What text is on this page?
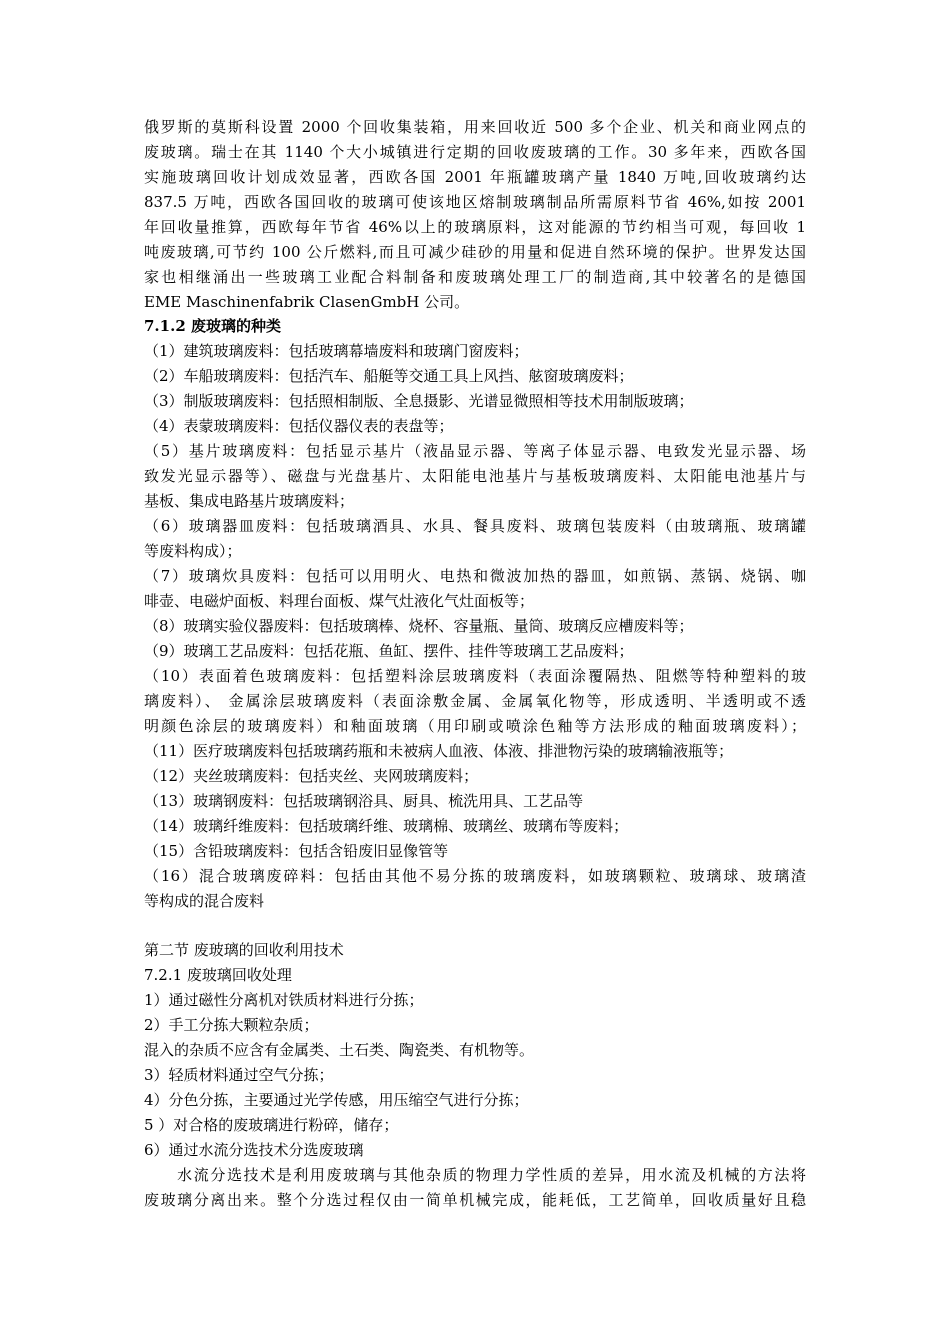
俄罗斯的莫斯科设置 2000 个回收集装箱，用来回收近 500 多个企业、机关和商业网点的
废玻璃。瑞士在其 1140 个大小城镇进行定期的回收废玻璃的工作。30 多年来，西欧各国
实施玻璃回收计划成效显著，西欧各国 2001 年瓶罐玻璃产量 1840 万吨,回收玻璃约达
837.5 万吨，西欧各国回收的玻璃可使该地区熔制玻璃制品所需原料节省 46%,如按 2001
年回收量推算，西欧每年节省 46%以上的玻璃原料，这对能源的节约相当可观，每回收 1
吨废玻璃,可节约 100 公斤燃料,而且可减少硅砂的用量和促进自然环境的保护。世界发达国
家也相继涌出一些玻璃工业配合料制备和废玻璃处理工厂的制造商,其中较著名的是德国
EME Maschinenfabrik ClasenGmbH 公司。
7.1.2 废玻璃的种类
（1）建筑玻璃废料：包括玻璃幕墙废料和玻璃门窗废料；
（2）车船玻璃废料：包括汽车、船艇等交通工具上风挡、舷窗玻璃废料；
（3）制版玻璃废料：包括照相制版、全息摄影、光谱显微照相等技术用制版玻璃；
（4）表蒙玻璃废料：包括仪器仪表的表盘等；
（5）基片玻璃废料：包括显示基片（液晶显示器、等离子体显示器、电致发光显示器、场
致发光显示器等）、磁盘与光盘基片、太阳能电池基片与基板玻璃废料、太阳能电池基片与
基板、集成电路基片玻璃废料；
（6）玻璃器皿废料：包括玻璃酒具、水具、餐具废料、玻璃包装废料（由玻璃瓶、玻璃罐
等废料构成）；
（7）玻璃炊具废料：包括可以用明火、电热和微波加热的器皿，如煎锅、蒸锅、烧锅、咖
啡壶、电磁炉面板、料理台面板、煤气灶液化气灶面板等；
（8）玻璃实验仪器废料：包括玻璃棒、烧杯、容量瓶、量筒、玻璃反应槽废料等；
（9）玻璃工艺品废料：包括花瓶、鱼缸、摆件、挂件等玻璃工艺品废料；
（10）表面着色玻璃废料：包括塑料涂层玻璃废料（表面涂覆隔热、阻燃等特种塑料的玻
璃废料）、 金属涂层玻璃废料（表面涂敷金属、金属氧化物等，形成透明、半透明或不透
明颜色涂层的玻璃废料）和釉面玻璃（用印刷或喷涂色釉等方法形成的釉面玻璃废料）；
（11）医疗玻璃废料包括玻璃药瓶和未被病人血液、体液、排泄物污染的玻璃输液瓶等；
（12）夹丝玻璃废料：包括夹丝、夹网玻璃废料；
（13）玻璃钢废料：包括玻璃钢浴具、厨具、梳洗用具、工艺品等
（14）玻璃纤维废料：包括玻璃纤维、玻璃棉、玻璃丝、玻璃布等废料；
（15）含铅玻璃废料：包括含铅废旧显像管等
（16）混合玻璃废碎料：包括由其他不易分拣的玻璃废料，如玻璃颗粒、玻璃球、玻璃渣
等构成的混合废料
第二节 废玻璃的回收利用技术
7.2.1 废玻璃回收处理
1）通过磁性分离机对铁质材料进行分拣；
2）手工分拣大颗粒杂质；
混入的杂质不应含有金属类、土石类、陶瓷类、有机物等。
3）轻质材料通过空气分拣；
4）分色分拣，主要通过光学传感，用压缩空气进行分拣；
5 ）对合格的废玻璃进行粉碎，储存；
6）通过水流分选技术分选废玻璃
　　水流分选技术是利用废玻璃与其他杂质的物理力学性质的差异，用水流及机械的方法将
废玻璃分离出来。整个分选过程仅由一简单机械完成，能耗低，工艺简单，回收质量好且稳
